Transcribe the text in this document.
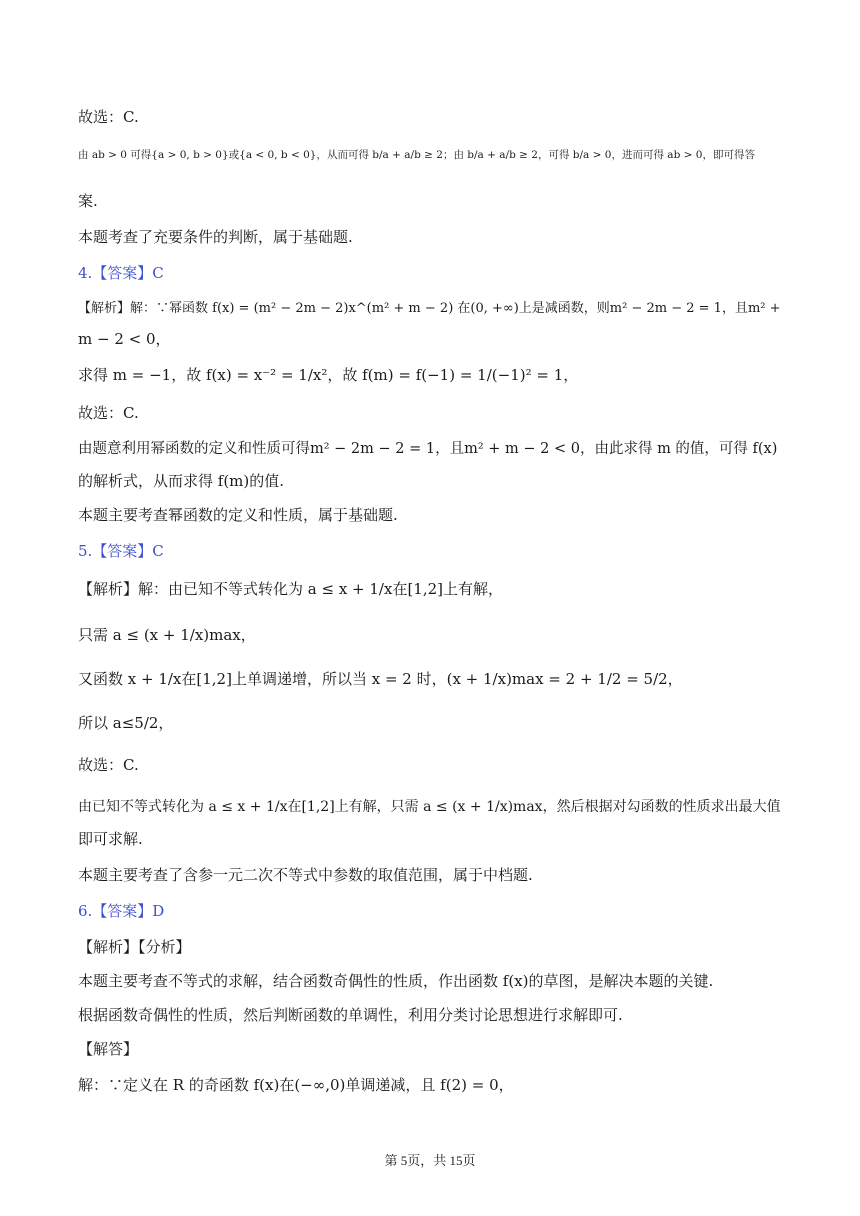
故选：C.

由 ab > 0 可得{a > 0, b > 0}或{a < 0, b < 0}，从而可得 b/a + a/b ≥ 2；由 b/a + a/b ≥ 2，可得 b/a > 0，进而可得 ab > 0，即可得答

案.

本题考查了充要条件的判断，属于基础题.

4.【答案】C

【解析】解：∵幂函数 f(x) = (m² − 2m − 2)x^(m² + m − 2) 在(0, +∞)上是减函数，则m² − 2m − 2 = 1，且m² +

m − 2 < 0，

求得 m = −1，故 f(x) = x⁻² = 1/x²，故 f(m) = f(−1) = 1/(−1)² = 1，

故选：C.

由题意利用幂函数的定义和性质可得m² − 2m − 2 = 1，且m² + m − 2 < 0，由此求得 m 的值，可得 f(x)

的解析式，从而求得 f(m)的值.

本题主要考查幂函数的定义和性质，属于基础题.

5.【答案】C

【解析】解：由已知不等式转化为 a ≤ x + 1/x在[1,2]上有解，

只需 a ≤ (x + 1/x)max，

又函数 x + 1/x在[1,2]上单调递增，所以当 x = 2 时，(x + 1/x)max = 2 + 1/2 = 5/2，

所以 a≤5/2，

故选：C.

由已知不等式转化为 a ≤ x + 1/x在[1,2]上有解，只需 a ≤ (x + 1/x)max，然后根据对勾函数的性质求出最大值

即可求解.

本题主要考查了含参一元二次不等式中参数的取值范围，属于中档题.

6.【答案】D

【解析】【分析】

本题主要考查不等式的求解，结合函数奇偶性的性质，作出函数 f(x)的草图，是解决本题的关键.

根据函数奇偶性的性质，然后判断函数的单调性，利用分类讨论思想进行求解即可.

【解答】

解：∵定义在 R 的奇函数 f(x)在(−∞,0)单调递减，且 f(2) = 0，

第 5页，共 15页
